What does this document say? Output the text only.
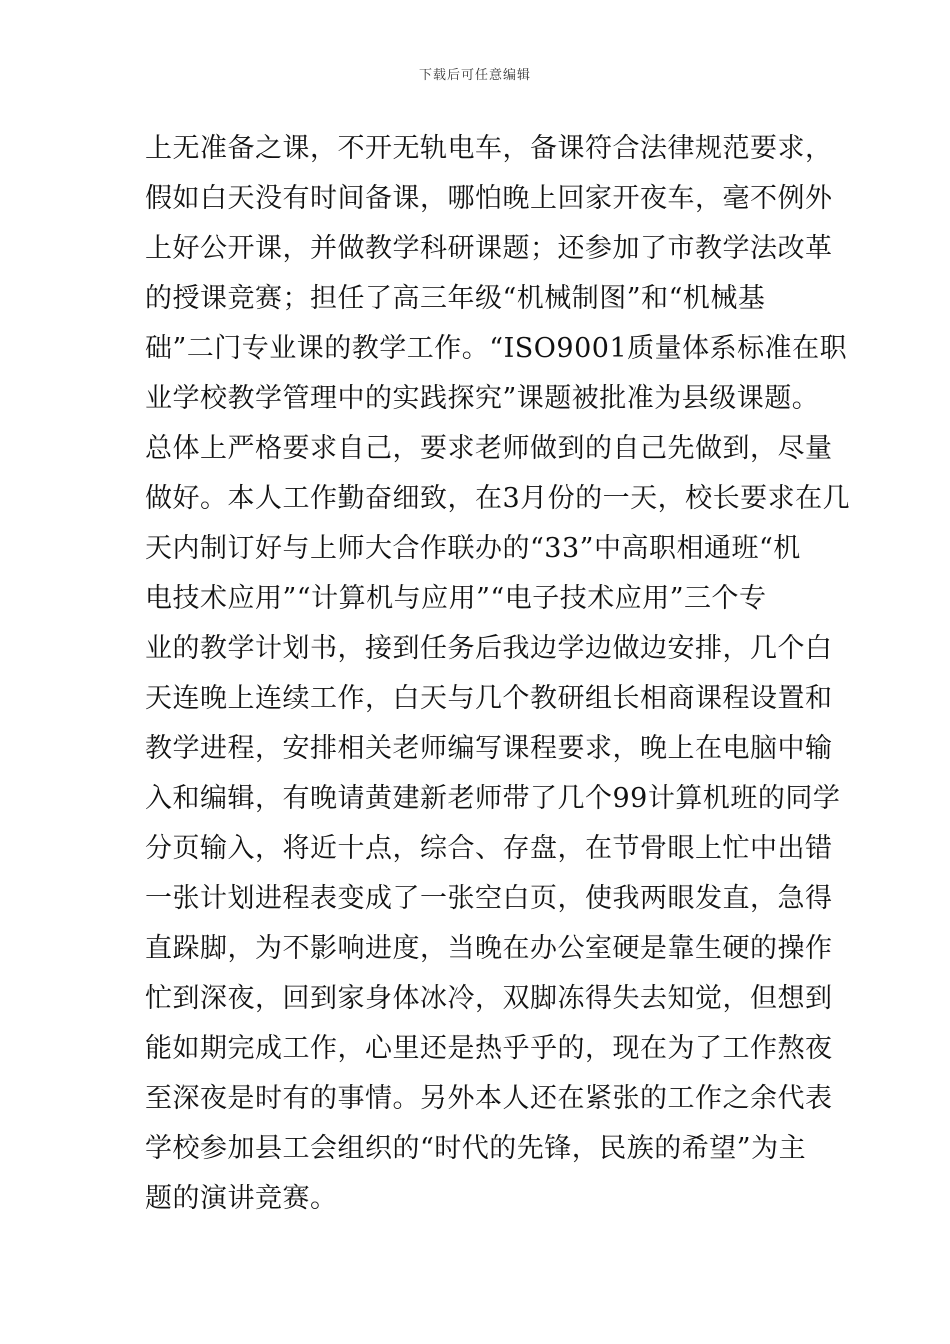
下载后可任意编辑
上无准备之课，不开无轨电车，备课符合法律规范要求，
假如白天没有时间备课，哪怕晚上回家开夜车，毫不例外
上好公开课，并做教学科研课题；还参加了市教学法改革
的授课竞赛；担任了高三年级“机械制图”和“机械基
础”二门专业课的教学工作。“ISO9001质量体系标准在职
业学校教学管理中的实践探究”课题被批准为县级课题。
总体上严格要求自己，要求老师做到的自己先做到，尽量
做好。本人工作勤奋细致，在3月份的一天，校长要求在几
天内制订好与上师大合作联办的“33”中高职相通班“机
电技术应用”“计算机与应用”“电子技术应用”三个专
业的教学计划书，接到任务后我边学边做边安排，几个白
天连晚上连续工作，白天与几个教研组长相商课程设置和
教学进程，安排相关老师编写课程要求，晚上在电脑中输
入和编辑，有晚请黄建新老师带了几个99计算机班的同学
分页输入，将近十点，综合、存盘，在节骨眼上忙中出错
一张计划进程表变成了一张空白页，使我两眼发直，急得
直跺脚，为不影响进度，当晚在办公室硬是靠生硬的操作
忙到深夜，回到家身体冰冷，双脚冻得失去知觉，但想到
能如期完成工作，心里还是热乎乎的，现在为了工作熬夜
至深夜是时有的事情。另外本人还在紧张的工作之余代表
学校参加县工会组织的“时代的先锋，民族的希望”为主
题的演讲竞赛。
